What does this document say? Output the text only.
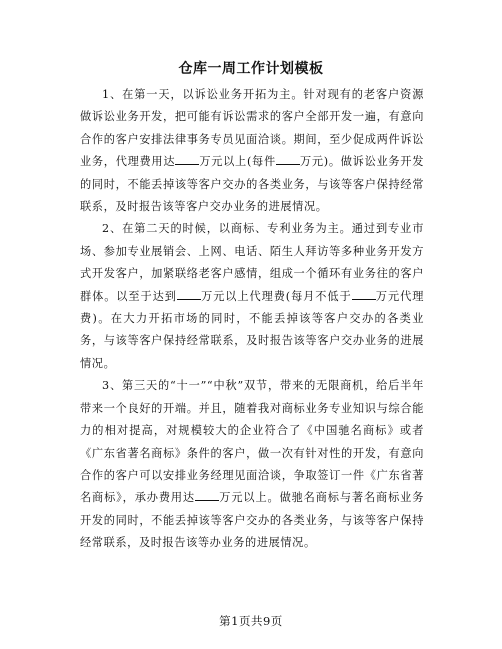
仓库一周工作计划模板

1、在第一天，以诉讼业务开拓为主。针对现有的老客户资源做诉讼业务开发，把可能有诉讼需求的客户全部开发一遍，有意向合作的客户安排法律事务专员见面洽谈。期间，至少促成两件诉讼业务，代理费用达 万元以上(每件 万元)。做诉讼业务开发的同时，不能丢掉该等客户交办的各类业务，与该等客户保持经常联系，及时报告该等客户交办业务的进展情况。

2、在第二天的时候，以商标、专利业务为主。通过到专业市场、参加专业展销会、上网、电话、陌生人拜访等多种业务开发方式开发客户，加紧联络老客户感情，组成一个循环有业务往的客户群体。以至于达到 万元以上代理费(每月不低于 万元代理费)。在大力开拓市场的同时，不能丢掉该等客户交办的各类业务，与该等客户保持经常联系，及时报告该等客户交办业务的进展情况。

3、第三天的“十一”“中秋”双节，带来的无限商机，给后半年带来一个良好的开端。并且，随着我对商标业务专业知识与综合能力的相对提高，对规模较大的企业符合了《中国驰名商标》或者《广东省著名商标》条件的客户，做一次有针对性的开发，有意向合作的客户可以安排业务经理见面洽谈，争取签订一件《广东省著名商标》，承办费用达 万元以上。做驰名商标与著名商标业务开发的同时，不能丢掉该等客户交办的各类业务，与该等客户保持经常联系，及时报告该等办业务的进展情况。

第1页共9页
